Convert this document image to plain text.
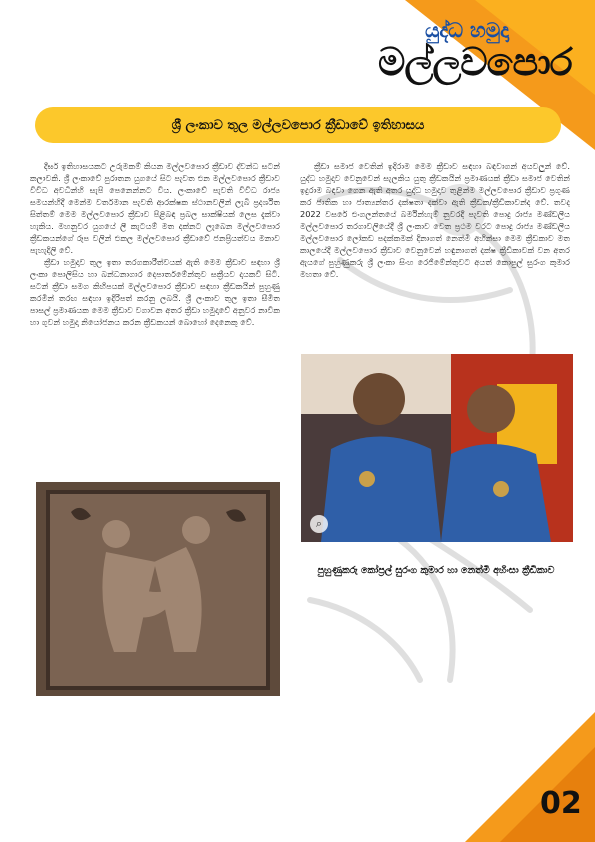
යුද්ධ හමුදා
මල්ලවපොර
ශ්‍රී ලංකාව තුල මල්ලවපොර ක්‍රීඩාවේ ඉතිහාසය

දීර්ඝ ඉතිහාසයකට උරුමකම් කියන මල්ලවපොර ක්‍රීඩාව ද්වන්ධ සටන් කලාවකි. ශ්‍රී ලංකාවේ පුරාතන යුගයේ සිට පැවත එන මල්ලවපොර ක්‍රීඩාව විවිධ අවධීන්හි සැපි පෙනෙන්නට විය. ලංකාවේ පැවති විවිධ රාජ්‍ය සමයන්හිදී මෙන්ම වර්තමාන පැවති ආරක්ෂක ස්ථානවලින් ලැබී ප්‍රදර්ශිත සිත්තම් මෙම මල්ලවපොර ක්‍රීඩාව පිළිබඳ ප්‍රබල සාක්ෂියක් ලෙස දැක්වා හැකිය. මහනුවර යුගයේ ලී කැටයම් මත දක්නට ලැබෙන මල්ලවපොර ක්‍රීඩකයන්ගේ රූප වලින් එකල මල්ලවපොර ක්‍රීඩාවේ ජනප්‍රියත්වය මනාව පැහැදිලි වේ.

ක්‍රීඩා හමුදාව තුල ඉතා තරගකාරීත්වයක් ඇති මෙම ක්‍රීඩාව සඳහා ශ්‍රී ලංකා පොලිසිය හා බන්ධනාගාර දෙපාර්තමේන්තුව සක්‍රීයව දායකවී සිටී. සටන් ක්‍රීඩා සමග කිහිපයක් මල්ලවපොර ක්‍රීඩාව සඳහා ක්‍රීඩකයින් පුහුණු කරමින් තරඟ සඳහා ඉදිරිපත් කරනු ලබයි. ශ්‍රී ලංකාව තුල ඉතා සීමිත පාසල් ප්‍රමාණයක මෙම ක්‍රීඩාව වගාවන අතර ක්‍රීඩා හමුදාවේ අනුවර නාවික හා ගුවන් හමුදා නියෝජනය කරන ක්‍රීඩකයන් බොහෝ දෙනෙකු වේ.

ක්‍රීඩා සමාජ වෙතින් ඉදිරාම මෙම ක්‍රීඩාව සඳහා බඳවාගන් අයවලුන් වේ. යුද්ධ හමුදාව වෙනුවෙන් සැලකිය යුතු ක්‍රීඩකයින් ප්‍රමාණයක් ක්‍රීඩා සමාජ වෙතින් ඉදුරාම බඳවා ගෙන ඇති අතර යුද්ධ හමුදාව තුළින්ම මල්ලවපොර ක්‍රීඩාව ප්‍රගුණ කර ජාතික හා ජාත්‍යන්තර දක්ෂතා දක්වා ඇති ක්‍රීඩක/ක්‍රීඩිකාවන්ද වේ. තවද 2022 වසරේ එංගලන්තයේ බර්මින්හැම් නුවරදී පැවති පොදු රාජ්‍ය මණ්ඩලීය මල්ලවපොර තරගාවලියේදී ශ්‍රී ලංකාව වෙත ප්‍රථම වරට පොදු රාජ්‍ය මණ්ඩලීය මල්ලවපොර ලෝකඩ පදක්කමක් දිනාගත් නෙත්මි අහින්සා මෙම ක්‍රීඩකාව මත කාලයේදී මල්ලවපොර ක්‍රීඩාව වෙනුවෙන් හඳුනාගත් දක්ෂ ක්‍රීඩිකාවක් වන අතර ඇයගේ පුහුණුකරු ශ්‍රී ලංකා සිංහ රෙජිමේන්තුවට අයත් කොපුල් සුරංග කුමාර මහතා වේ.

⌕
පුහුණුකරු කෝප්‍රල් සුරංග කුමාර හා නෙත්මි අහිංසා ක්‍රීඩිකාව
02
